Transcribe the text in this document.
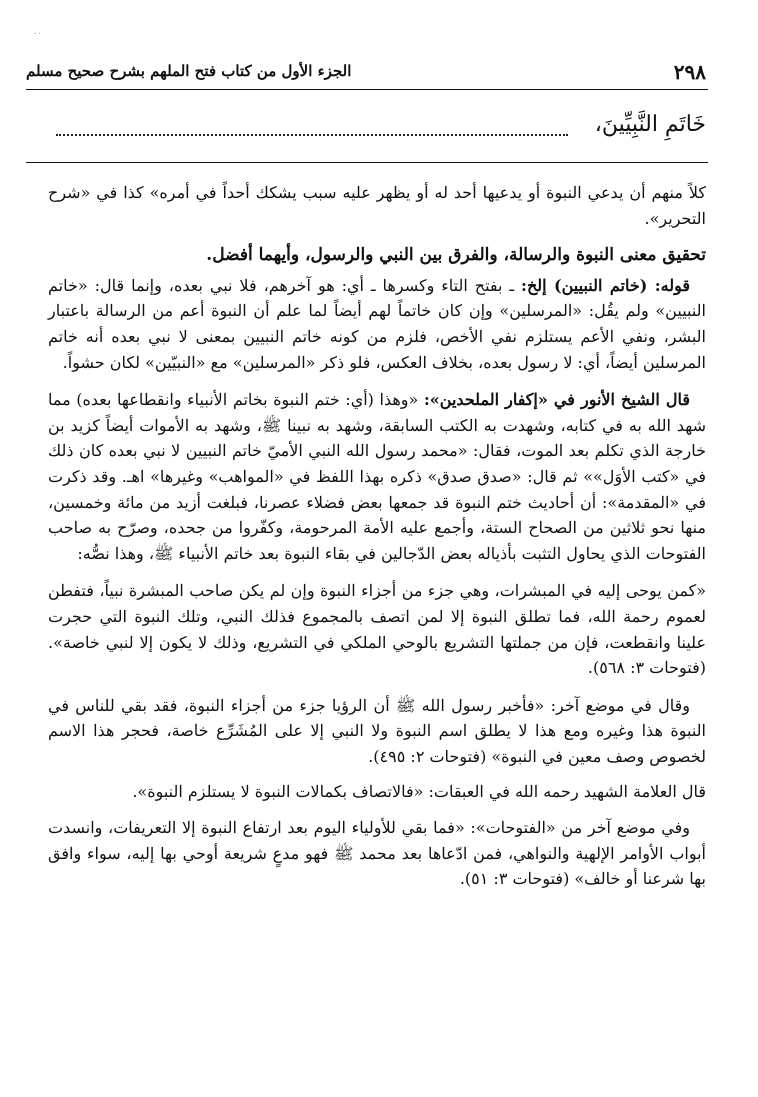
· ·
٢٩٨
الجزء الأول من كتاب فتح الملهم بشرح صحيح مسلم
خَاتَمِ النَّبِيِّينَ،

كلاً منهم أن يدعي النبوة أو يدعيها أحد له أو يظهر عليه سبب يشكك أحداً في أمره» كذا في «شرح التحرير».

تحقيق معنى النبوة والرسالة، والفرق بين النبي والرسول، وأيهما أفضل.

قوله: (خاتم النبيين) إلخ: ـ بفتح التاء وكسرها ـ أي: هو آخرهم، فلا نبي بعده، وإنما قال: «خاتم النبيين» ولم يقُل: «المرسلين» وإن كان خاتماً لهم أيضاً لما علم أن النبوة أعم من الرسالة باعتبار البشر، ونفي الأعم يستلزم نفي الأخص، فلزم من كونه خاتم النبيين بمعنى لا نبي بعده أنه خاتم المرسلين أيضاً، أي: لا رسول بعده، بخلاف العكس، فلو ذكر «المرسلين» مع «النبيّين» لكان حشواً.

قال الشيخ الأنور في «إكفار الملحدين»: «وهذا (أي: ختم النبوة بخاتم الأنبياء وانقطاعها بعده) مما شهد الله به في كتابه، وشهدت به الكتب السابقة، وشهد به نبينا ﷺ، وشهد به الأموات أيضاً كزيد بن خارجة الذي تكلم بعد الموت، فقال: «محمد رسول الله النبي الأميّ خاتم النبيين لا نبي بعده كان ذلك في «كتب الأوَل»» ثم قال: «صدق صدق» ذكره بهذا اللفظ في «المواهب» وغيرها» اهـ. وقد ذكرت في «المقدمة»: أن أحاديث ختم النبوة قد جمعها بعض فضلاء عصرنا، فبلغت أزيد من مائة وخمسين، منها نحو ثلاثين من الصحاح الستة، وأجمع عليه الأمة المرحومة، وكفّروا من جحده، وصرّح به صاحب الفتوحات الذي يحاول التثبت بأذياله بعض الدّجالين في بقاء النبوة بعد خاتم الأنبياء ﷺ، وهذا نصُّه:

«كمن يوحى إليه في المبشرات، وهي جزء من أجزاء النبوة وإن لم يكن صاحب المبشرة نبياً، فتفطن لعموم رحمة الله، فما تطلق النبوة إلا لمن اتصف بالمجموع فذلك النبي، وتلك النبوة التي حجرت علينا وانقطعت، فإن من جملتها التشريع بالوحي الملكي في التشريع، وذلك لا يكون إلا لنبي خاصة». (فتوحات ٣: ٥٦٨).

وقال في موضع آخر: «فأخبر رسول الله ﷺ أن الرؤيا جزء من أجزاء النبوة، فقد بقي للناس في النبوة هذا وغيره ومع هذا لا يطلق اسم النبوة ولا النبي إلا على المُشَرِّع خاصة، فحجر هذا الاسم لخصوص وصف معين في النبوة» (فتوحات ٢: ٤٩٥).

قال العلامة الشهيد رحمه الله في العبقات: «فالاتصاف بكمالات النبوة لا يستلزم النبوة».

وفي موضع آخر من «الفتوحات»: «فما بقي للأولياء اليوم بعد ارتفاع النبوة إلا التعريفات، وانسدت أبواب الأوامر الإلهية والنواهي، فمن ادّعاها بعد محمد ﷺ فهو مدعٍ شريعة أوحي بها إليه، سواء وافق بها شرعنا أو خالف» (فتوحات ٣: ٥١).
